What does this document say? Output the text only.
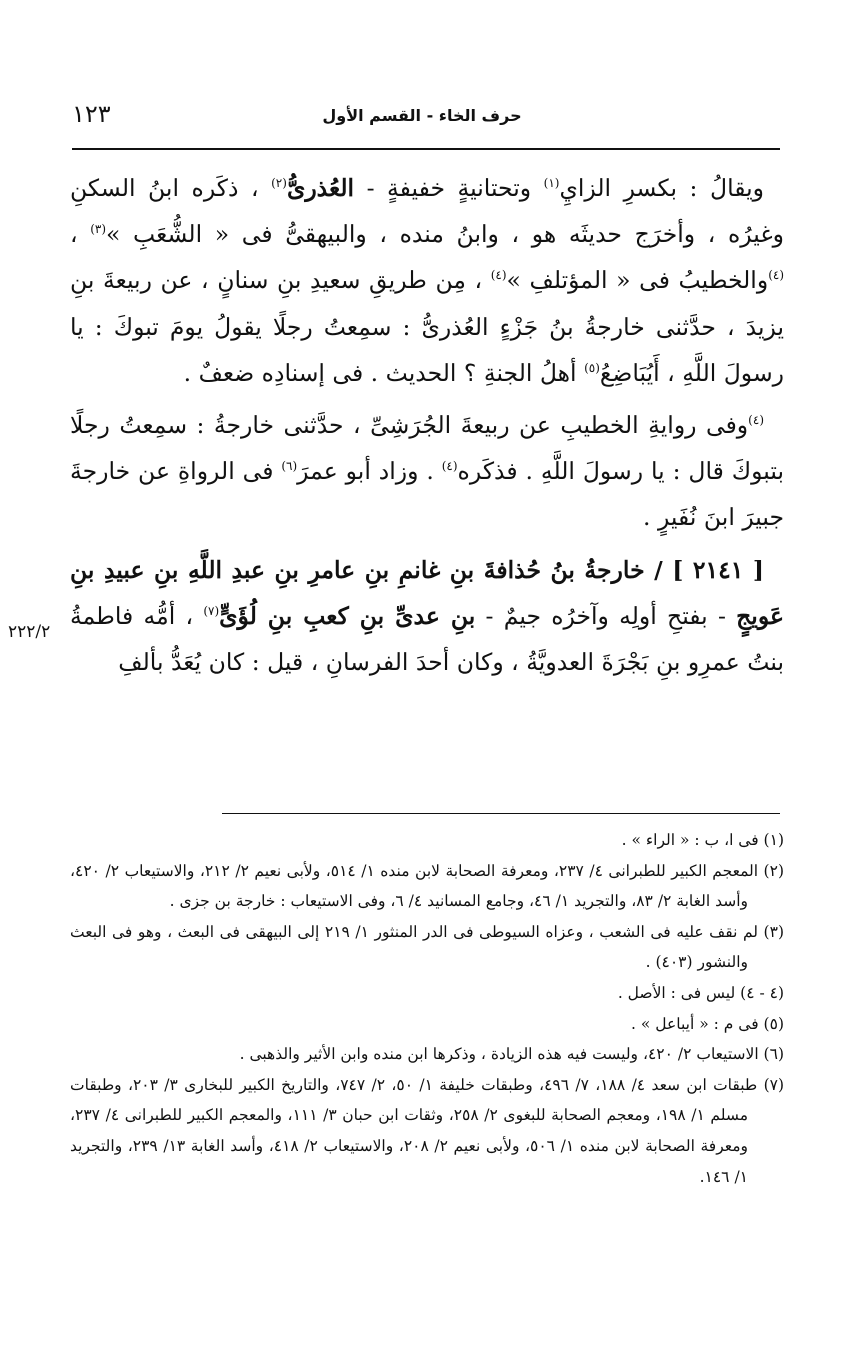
حرف الخاء - القسم الأول
١٢٣

ويقالُ : بكسرِ الزايِ$^{(١)}$ وتحتانيةٍ خفيفةٍ - العُذرىُّ$^{(٢)}$ ، ذكَره ابنُ السكنِ وغيرُه ، وأخرَج حديثَه هو ، وابنُ منده ، والبيهقىُّ فى « الشُّعَبِ »$^{(٣)}$ ، $^{(٤)}$والخطيبُ فى « المؤتلفِ »$^{(٤)}$ ، مِن طريقِ سعيدِ بنِ سنانٍ ، عن ربيعةَ بنِ يزيدَ ، حدَّثنى خارجةُ بنُ جَزْءٍ العُذرىُّ : سمِعتُ رجلًا يقولُ يومَ تبوكَ : يا رسولَ اللَّهِ ، أَيُبَاضِعُ$^{(٥)}$ أهلُ الجنةِ ؟ الحديث . فى إسنادِه ضعفٌ .

$^{(٤)}$وفى روايةِ الخطيبِ عن ربيعةَ الجُرَشِىِّ ، حدَّثنى خارجةُ : سمِعتُ رجلًا بتبوكَ قال : يا رسولَ اللَّهِ . فذكَره$^{(٤)}$ . وزاد أبو عمرَ$^{(٦)}$ فى الرواةِ عن خارجةَ جبيرَ ابنَ نُفَيرٍ .

[ ٢١٤١ ] / خارجةُ بنُ حُذافةَ بنِ غانمِ بنِ عامرِ بنِ عبدِ اللَّهِ بنِ عبيدِ بنِ عَويجٍ - بفتحِ أولِه وآخرُه جيمٌ - بنِ عدىِّ بنِ كعبِ بنِ لُؤَىٍّ$^{(٧)}$ ، أمُّه فاطمةُ بنتُ عمرِو بنِ بَجْرَةَ العدويَّةُ ، وكان أحدَ الفرسانِ ، قيل : كان يُعَدُّ بألفِ

٢٢٢/٢

(١) فى ا، ب : « الراء » .

(٢) المعجم الكبير للطبرانى ٤/ ٢٣٧، ومعرفة الصحابة لابن منده ١/ ٥١٤، ولأبى نعيم ٢/ ٢١٢، والاستيعاب ٢/ ٤٢٠، وأسد الغابة ٢/ ٨٣، والتجريد ١/ ٤٦، وجامع المسانيد ٤/ ٦، وفى الاستيعاب : خارجة بن جزى .

(٣) لم نقف عليه فى الشعب ، وعزاه السيوطى فى الدر المنثور ١/ ٢١٩ إلى البيهقى فى البعث ، وهو فى البعث والنشور (٤٠٣) .

(٤ - ٤) ليس فى : الأصل .

(٥) فى م : « أيباعل » .

(٦) الاستيعاب ٢/ ٤٢٠، وليست فيه هذه الزيادة ، وذكرها ابن منده وابن الأثير والذهبى .

(٧) طبقات ابن سعد ٤/ ١٨٨، ٧/ ٤٩٦، وطبقات خليفة ١/ ٥٠، ٢/ ٧٤٧، والتاريخ الكبير للبخارى ٣/ ٢٠٣، وطبقات مسلم ١/ ١٩٨، ومعجم الصحابة للبغوى ٢/ ٢٥٨، وثقات ابن حبان ٣/ ١١١، والمعجم الكبير للطبرانى ٤/ ٢٣٧، ومعرفة الصحابة لابن منده ١/ ٥٠٦، ولأبى نعيم ٢/ ٢٠٨، والاستيعاب ٢/ ٤١٨، وأسد الغابة ١٣/ ٢٣٩، والتجريد ١/ ١٤٦.
